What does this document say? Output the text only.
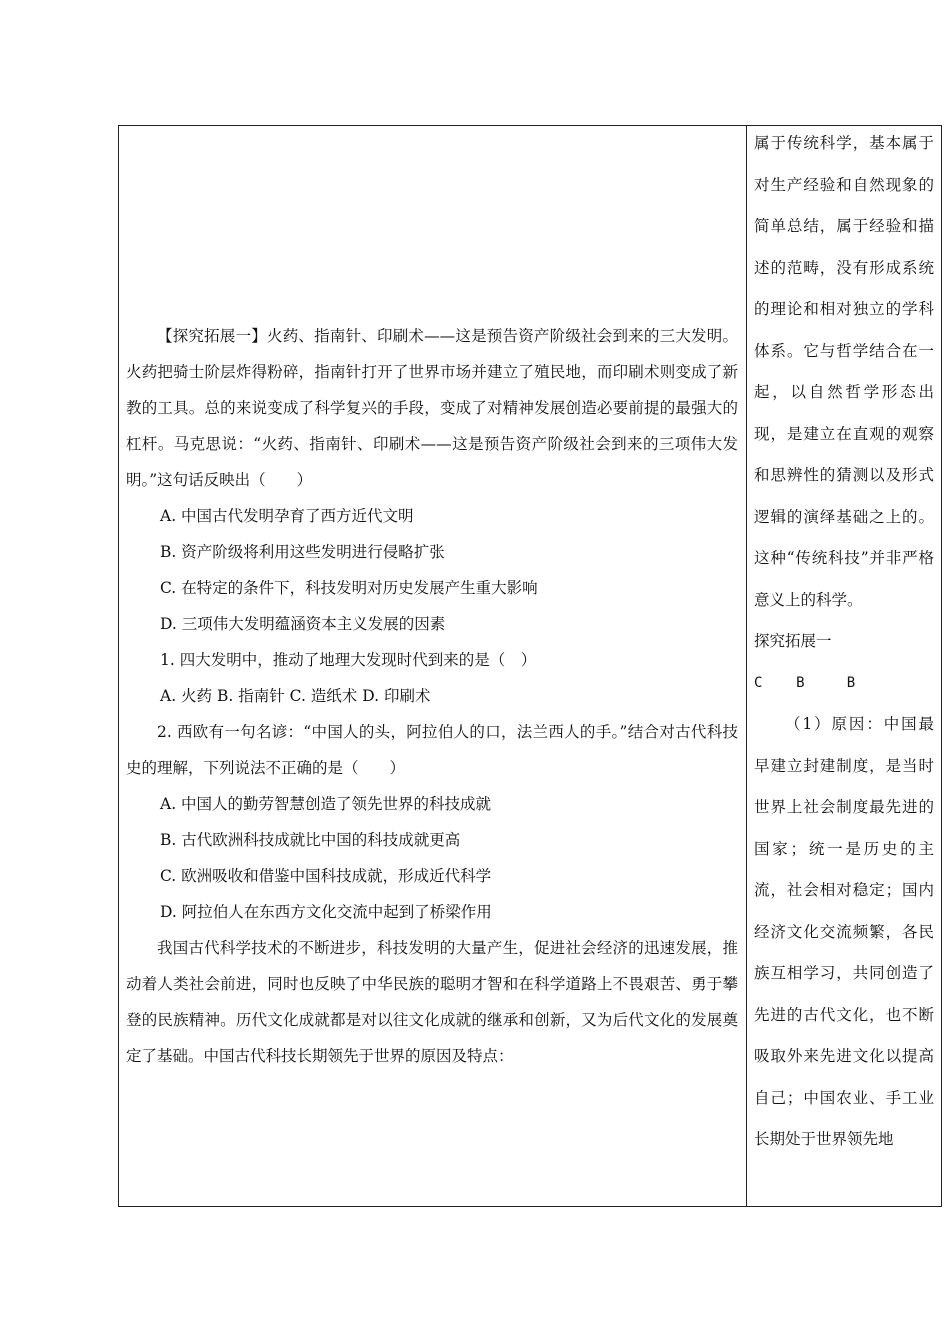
【探究拓展一】火药、指南针、印刷术——这是预告资产阶级社会到来的三大发明。火药把骑士阶层炸得粉碎，指南针打开了世界市场并建立了殖民地，而印刷术则变成了新教的工具。总的来说变成了科学复兴的手段，变成了对精神发展创造必要前提的最强大的杠杆。马克思说：“火药、指南针、印刷术——这是预告资产阶级社会到来的三项伟大发明。”这句话反映出（　　）

A. 中国古代发明孕育了西方近代文明

B. 资产阶级将利用这些发明进行侵略扩张

C. 在特定的条件下，科技发明对历史发展产生重大影响

D. 三项伟大发明蕴涵资本主义发展的因素

1. 四大发明中，推动了地理大发现时代到来的是（　）

A. 火药 B. 指南针 C. 造纸术 D. 印刷术

2. 西欧有一句名谚：“中国人的头，阿拉伯人的口，法兰西人的手。”结合对古代科技史的理解，下列说法不正确的是（　　）

A. 中国人的勤劳智慧创造了领先世界的科技成就

B. 古代欧洲科技成就比中国的科技成就更高

C. 欧洲吸收和借鉴中国科技成就，形成近代科学

D. 阿拉伯人在东西方文化交流中起到了桥梁作用

我国古代科学技术的不断进步，科技发明的大量产生，促进社会经济的迅速发展，推动着人类社会前进，同时也反映了中华民族的聪明才智和在科学道路上不畏艰苦、勇于攀登的民族精神。历代文化成就都是对以往文化成就的继承和创新，又为后代文化的发展奠定了基础。中国古代科技长期领先于世界的原因及特点：

属于传统科学，基本属于对生产经验和自然现象的简单总结，属于经验和描述的范畴，没有形成系统的理论和相对独立的学科体系。它与哲学结合在一起，以自然哲学形态出现，是建立在直观的观察和思辨性的猜测以及形式逻辑的演绎基础之上的。这种“传统科技”并非严格意义上的科学。

探究拓展一

C    B     B

（1）原因：中国最早建立封建制度，是当时世界上社会制度最先进的国家；统一是历史的主流，社会相对稳定；国内经济文化交流频繁，各民族互相学习，共同创造了先进的古代文化，也不断吸取外来先进文化以提高自己；中国农业、手工业长期处于世界领先地
